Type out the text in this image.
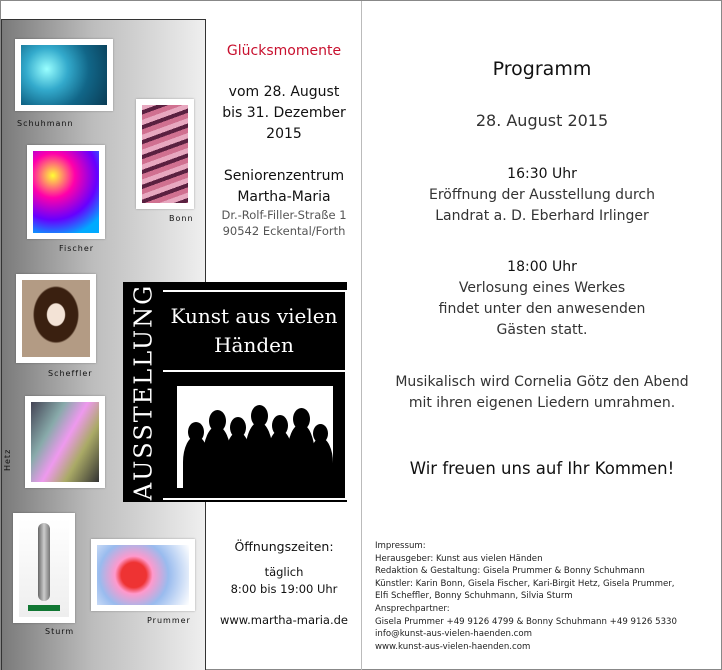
Schuhmann
Bonn
Fischer
Scheffler
Hetz
Sturm
Prummer
AUSSTELLUNG Kunst aus vielen
Händen
Glücksmomente
vom 28. August
bis 31. Dezember
2015
Seniorenzentrum
Martha-Maria
Dr.-Rolf-Filler-Straße 1
90542 Eckental/Forth
Öffnungszeiten:
täglich
8:00 bis 19:00 Uhr
www.martha-maria.de
Programm
28. August 2015
16:30 Uhr
Eröffnung der Ausstellung durch
Landrat a. D. Eberhard Irlinger
18:00 Uhr
Verlosung eines Werkes
findet unter den anwesenden
Gästen statt.
Musikalisch wird Cornelia Götz den Abend
mit ihren eigenen Liedern umrahmen.
Wir freuen uns auf Ihr Kommen!
Impressum:
Herausgeber: Kunst aus vielen Händen
Redaktion & Gestaltung: Gisela Prummer & Bonny Schuhmann
Künstler: Karin Bonn, Gisela Fischer, Kari-Birgit Hetz, Gisela Prummer,
Elfi Scheffler, Bonny Schuhmann, Silvia Sturm
Ansprechpartner:
Gisela Prummer +49 9126 4799 & Bonny Schuhmann +49 9126 5330
info@kunst-aus-vielen-haenden.com
www.kunst-aus-vielen-haenden.com
